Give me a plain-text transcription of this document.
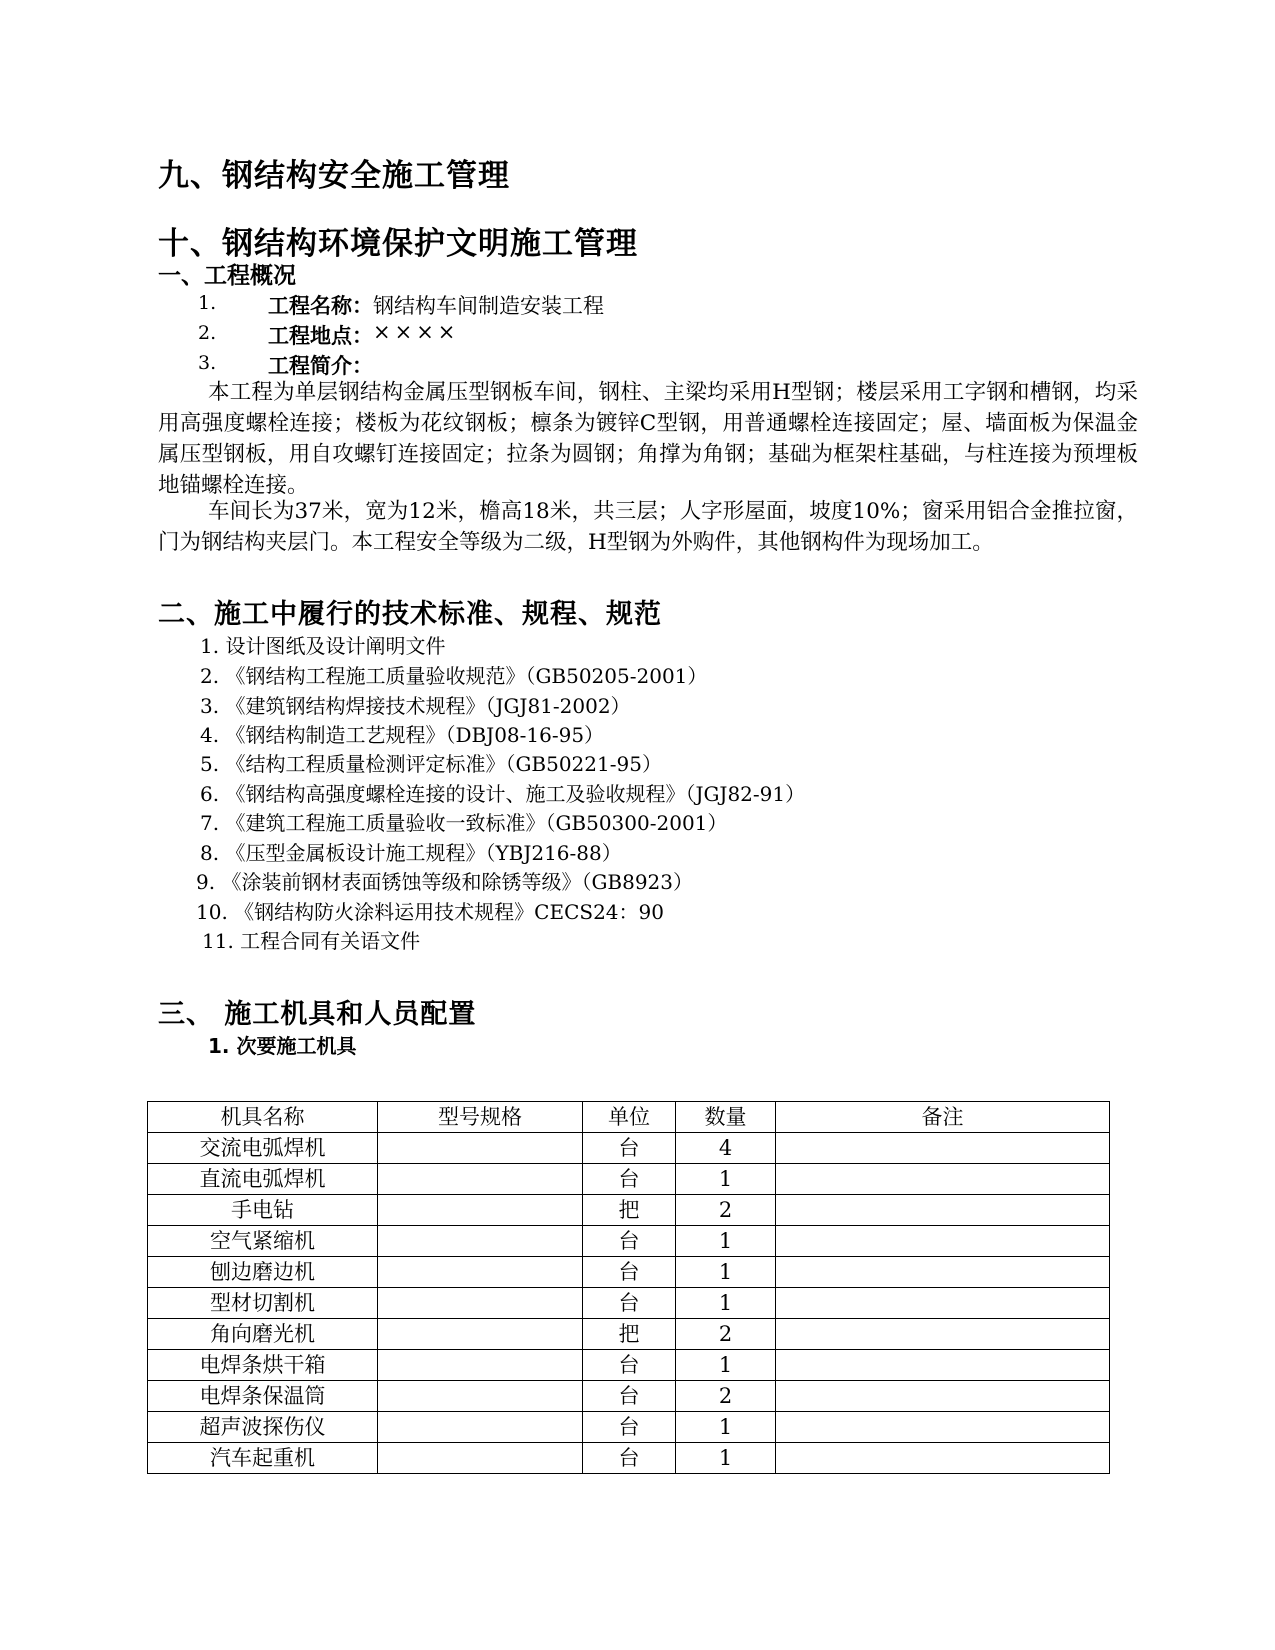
九、钢结构安全施工管理
十、钢结构环境保护文明施工管理
一、工程概况
1. 工程名称： 钢结构车间制造安装工程
2. 工程地点： ××××
3. 工程简介：

本工程为单层钢结构金属压型钢板车间，钢柱、主梁均采用H型钢；楼层采用工字钢和槽钢，均采用高强度螺栓连接；楼板为花纹钢板；檩条为镀锌C型钢，用普通螺栓连接固定；屋、墙面板为保温金属压型钢板，用自攻螺钉连接固定；拉条为圆钢；角撑为角钢；基础为框架柱基础，与柱连接为预埋板地锚螺栓连接。

车间长为37米，宽为12米，檐高18米，共三层；人字形屋面，坡度10%；窗采用铝合金推拉窗，门为钢结构夹层门。本工程安全等级为二级，H型钢为外购件，其他钢构件为现场加工。

二、施工中履行的技术标准、规程、规范
1. 设计图纸及设计阐明文件
2. 《钢结构工程施工质量验收规范》（GB50205-2001）
3. 《建筑钢结构焊接技术规程》（JGJ81-2002）
4. 《钢结构制造工艺规程》（DBJ08-16-95）
5. 《结构工程质量检测评定标准》（GB50221-95）
6. 《钢结构高强度螺栓连接的设计、施工及验收规程》（JGJ82-91）
7. 《建筑工程施工质量验收一致标准》（GB50300-2001）
8. 《压型金属板设计施工规程》（YBJ216-88）
9. 《涂装前钢材表面锈蚀等级和除锈等级》（GB8923）
10. 《钢结构防火涂料运用技术规程》CECS24：90
11. 工程合同有关语文件
三、 施工机具和人员配置
1. 次要施工机具
机具名称	型号规格	单位	数量	备注
交流电弧焊机		台	4	
直流电弧焊机		台	1	
手电钻		把	2	
空气紧缩机		台	1	
刨边磨边机		台	1	
型材切割机		台	1	
角向磨光机		把	2	
电焊条烘干箱		台	1	
电焊条保温筒		台	2	
超声波探伤仪		台	1	
汽车起重机		台	1	
